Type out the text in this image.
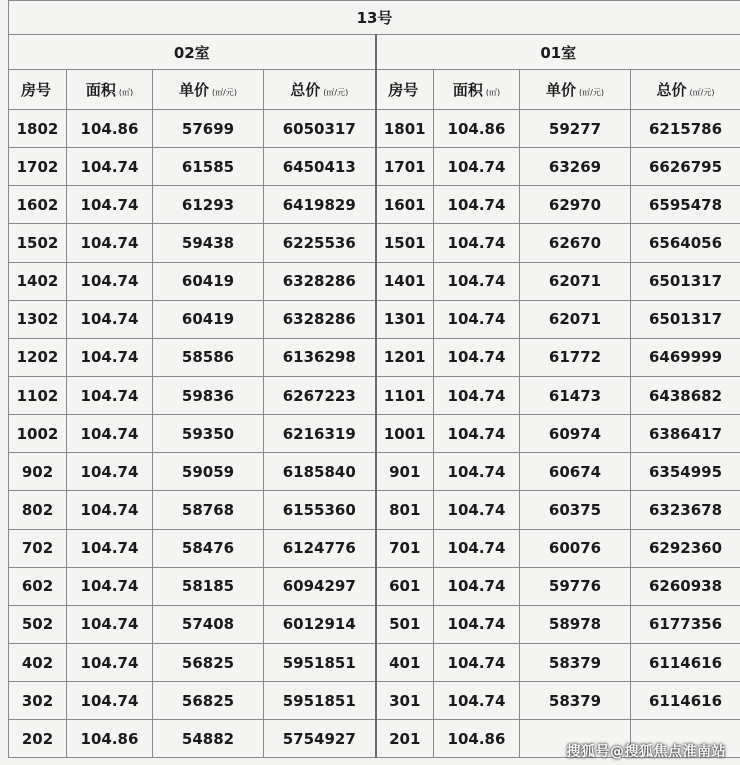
13号							
02室				01室			
房号	面积 (㎡)	单价 (㎡/元)	总价 (㎡/元)	房号	面积 (㎡)	单价 (㎡/元)	总价 (㎡/元)
1802	104.86	57699	6050317	1801	104.86	59277	6215786
1702	104.74	61585	6450413	1701	104.74	63269	6626795
1602	104.74	61293	6419829	1601	104.74	62970	6595478
1502	104.74	59438	6225536	1501	104.74	62670	6564056
1402	104.74	60419	6328286	1401	104.74	62071	6501317
1302	104.74	60419	6328286	1301	104.74	62071	6501317
1202	104.74	58586	6136298	1201	104.74	61772	6469999
1102	104.74	59836	6267223	1101	104.74	61473	6438682
1002	104.74	59350	6216319	1001	104.74	60974	6386417
902	104.74	59059	6185840	901	104.74	60674	6354995
802	104.74	58768	6155360	801	104.74	60375	6323678
702	104.74	58476	6124776	701	104.74	60076	6292360
602	104.74	58185	6094297	601	104.74	59776	6260938
502	104.74	57408	6012914	501	104.74	58978	6177356
402	104.74	56825	5951851	401	104.74	58379	6114616
302	104.74	56825	5951851	301	104.74	58379	6114616
202	104.86	54882	5754927	201	104.86		
搜狐号@搜狐焦点淮南站
